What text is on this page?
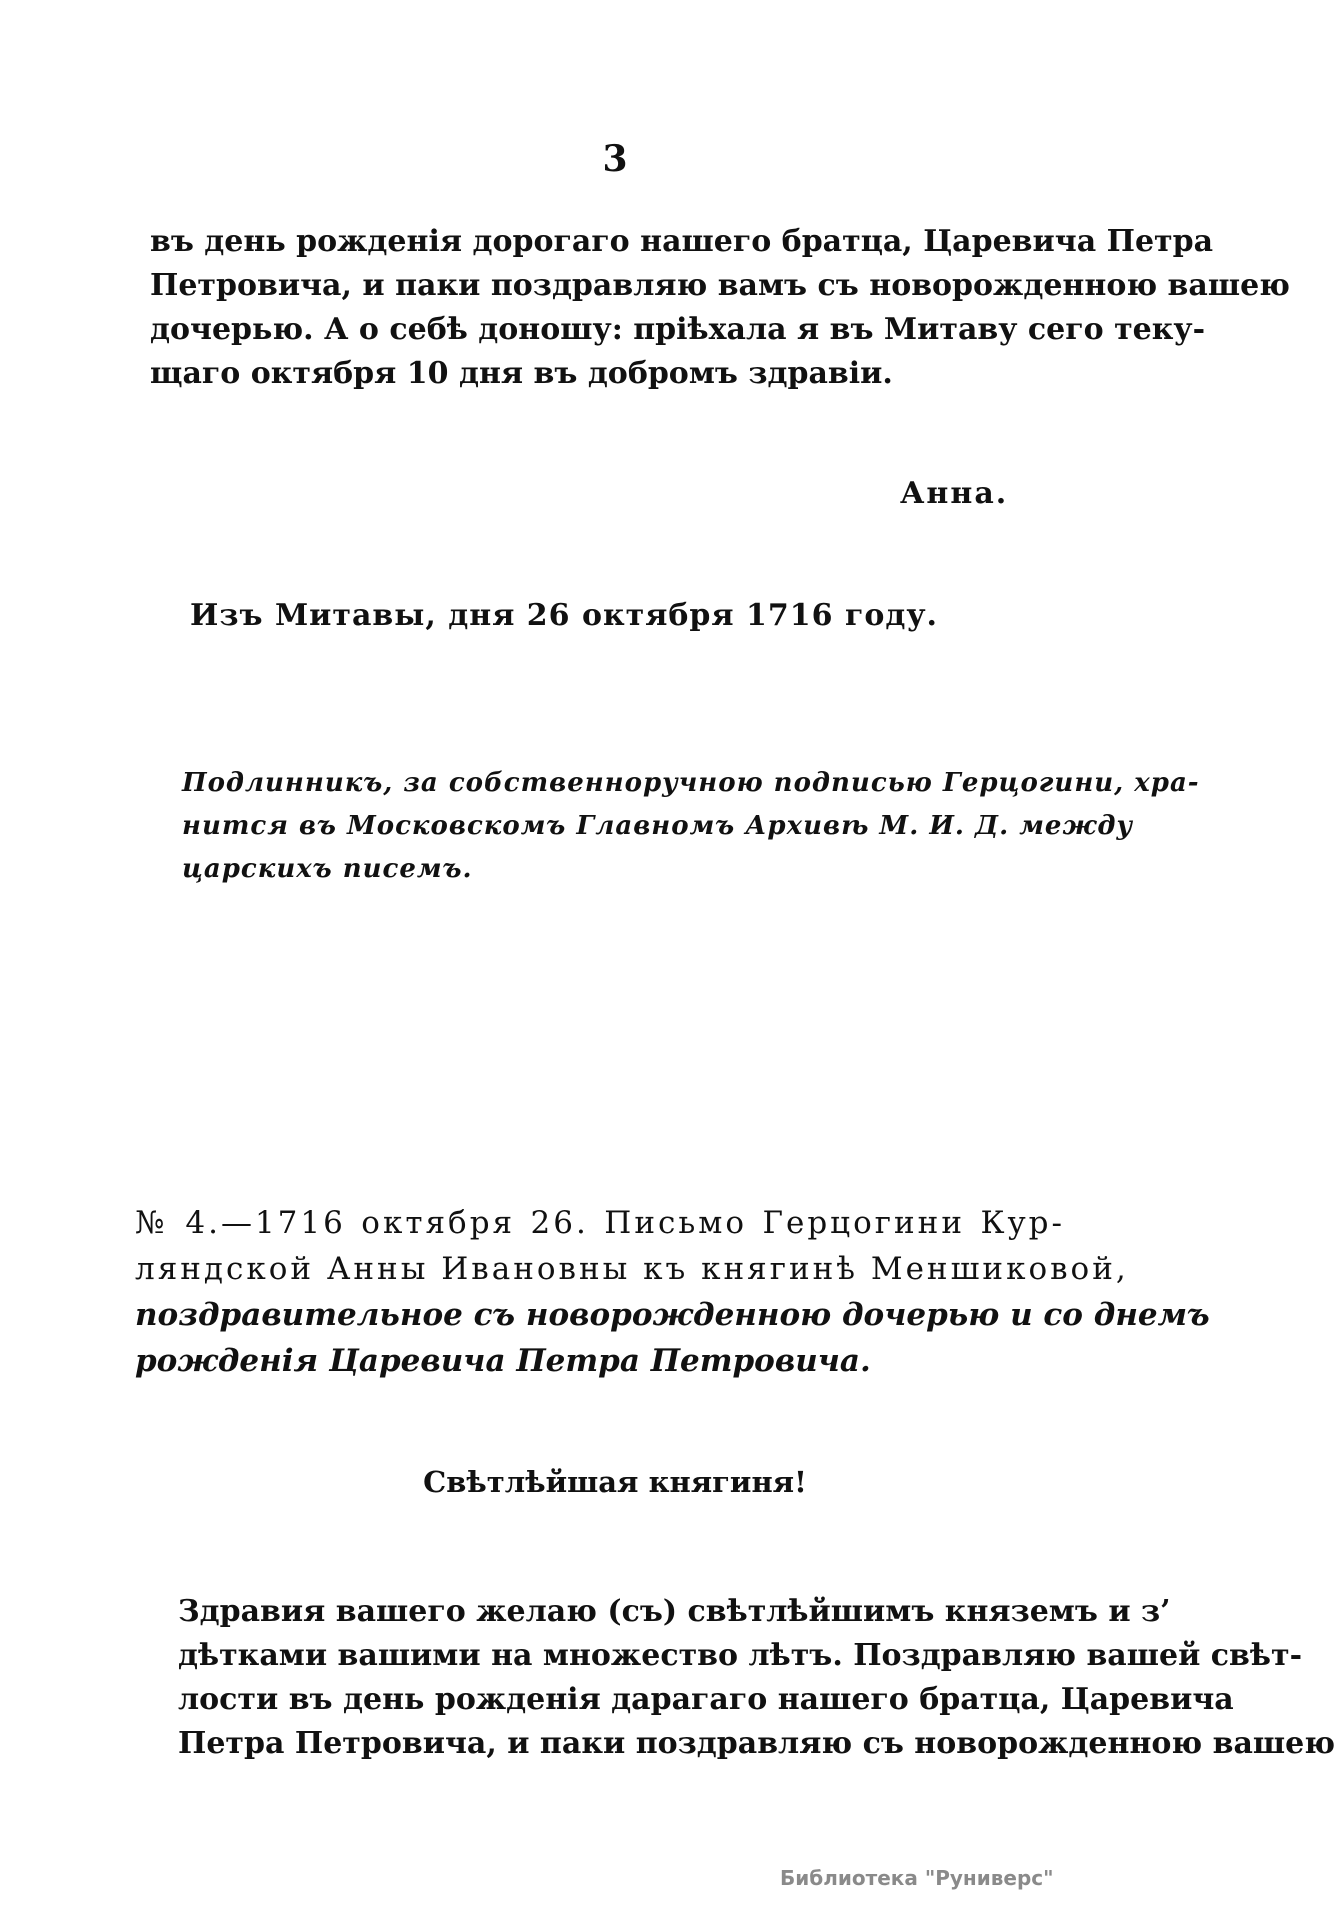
3
въ день рожденія дорогаго нашего братца, Царевича Петра
Петровича, и паки поздравляю вамъ съ новорожденною вашею
дочерью. А о себѣ доношу: пріѣхала я въ Митаву сего теку-
щаго октября 10 дня въ добромъ здравіи.
Анна.
Изъ Митавы, дня 26 октября 1716 году.
Подлинникъ, за собственноручною подписью Герцогини, хра-
нится въ Московскомъ Главномъ Архивѣ М. И. Д. между
царскихъ писемъ.
№ 4.—1716 октября 26. Письмо Герцогини Кур-
ляндской Анны Ивановны къ княгинѣ Меншиковой,
поздравительное съ новорожденною дочерью и со днемъ
рожденія Царевича Петра Петровича.
Свѣтлѣйшая княгиня!
Здравия вашего желаю (съ) свѣтлѣйшимъ княземъ и з’
дѣтками вашими на множество лѣтъ. Поздравляю вашей свѣт-
лости въ день рожденія дарагаго нашего братца, Царевича
Петра Петровича, и паки поздравляю съ новорожденною вашею
Библиотека "Руниверс"
